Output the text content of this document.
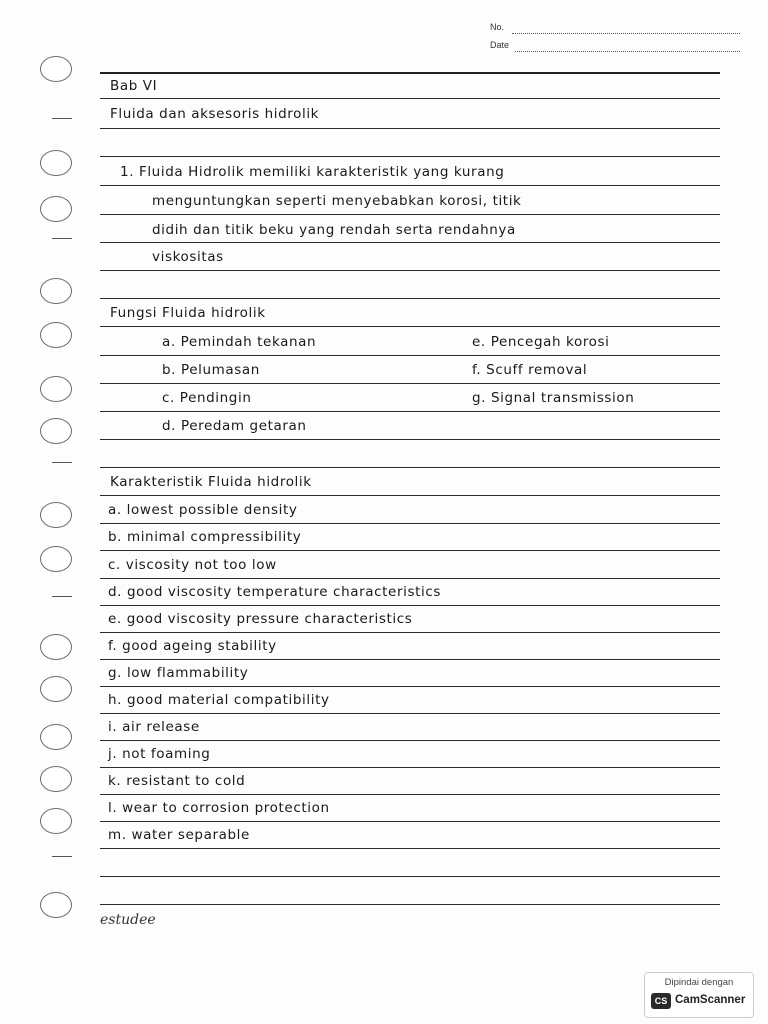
No.
Date
Bab VI
Fluida dan aksesoris hidrolik
1. Fluida Hidrolik memiliki karakteristik yang kurang
menguntungkan seperti menyebabkan korosi, titik
didih dan titik beku yang rendah serta rendahnya
viskositas
Fungsi Fluida hidrolik
a. Pemindah tekanan
b. Pelumasan
c. Pendingin
d. Peredam getaran
e. Pencegah korosi
f. Scuff removal
g. Signal transmission
Karakteristik Fluida hidrolik
a. lowest possible density
b. minimal compressibility
c. viscosity not too low
d. good viscosity temperature characteristics
e. good viscosity pressure characteristics
f. good ageing stability
g. low flammability
h. good material compatibility
i. air release
j. not foaming
k. resistant to cold
l. wear to corrosion protection
m. water separable
estudee
Dipindai dengan
CS CamScanner
